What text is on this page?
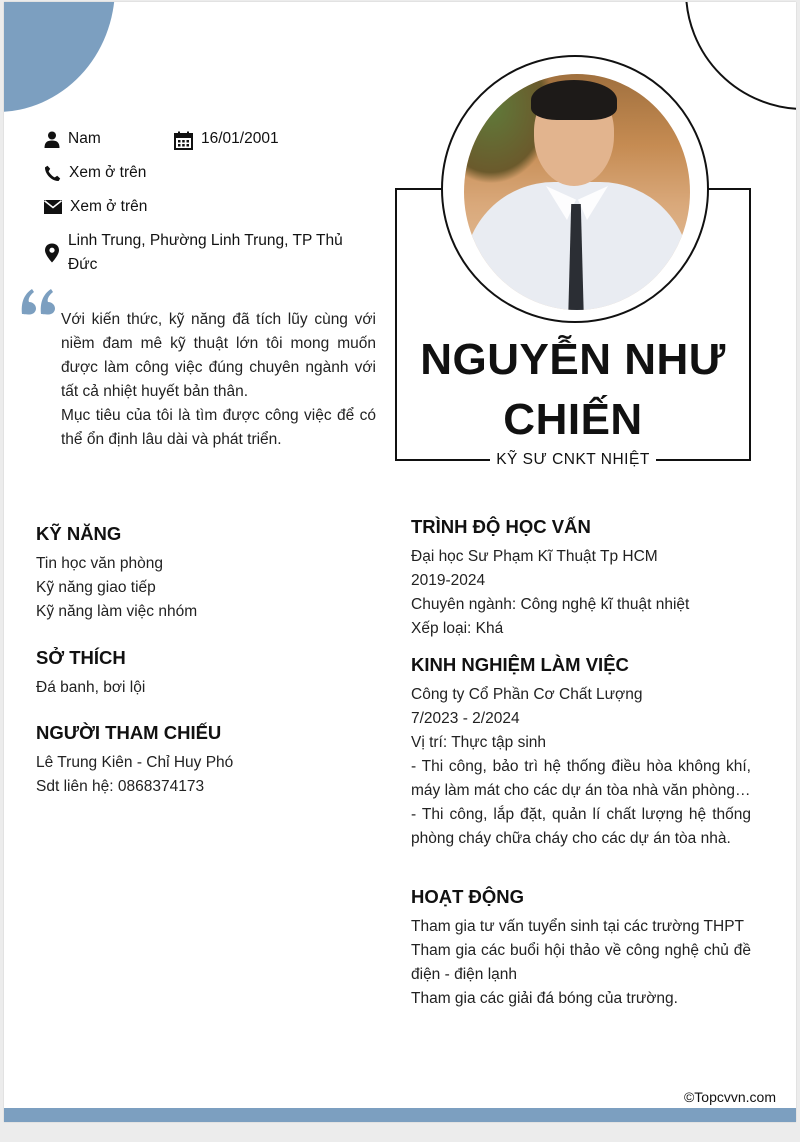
Nam	16/01/2001
Xem ở trên
Xem ở trên
Linh Trung, Phường Linh Trung, TP Thủ Đức

Với kiến thức, kỹ năng đã tích lũy cùng với niềm đam mê kỹ thuật lớn tôi mong muốn được làm công việc đúng chuyên ngành với tất cả nhiệt huyết bản thân.

Mục tiêu của tôi là tìm được công việc để có thể ổn định lâu dài và phát triển.

NGUYỄN NHƯ CHIẾN
KỸ SƯ CNKT NHIỆT
KỸ NĂNG
Tin học văn phòng
Kỹ năng giao tiếp
Kỹ năng làm việc nhóm
SỞ THÍCH
Đá banh, bơi lội
NGƯỜI THAM CHIẾU
Lê Trung Kiên - Chỉ Huy Phó
Sdt liên hệ: 0868374173
TRÌNH ĐỘ HỌC VẤN
Đại học Sư Phạm Kĩ Thuật Tp HCM
2019-2024
Chuyên ngành: Công nghệ kĩ thuật nhiệt
Xếp loại: Khá
KINH NGHIỆM LÀM VIỆC
Công ty Cổ Phần Cơ Chất Lượng
7/2023 - 2/2024
Vị trí: Thực tập sinh
- Thi công, bảo trì hệ thống điều hòa không khí, máy làm mát cho các dự án tòa nhà văn phòng…
- Thi công, lắp đặt, quản lí chất lượng hệ thống phòng cháy chữa cháy cho các dự án tòa nhà.
HOẠT ĐỘNG
Tham gia tư vấn tuyển sinh tại các trường THPT
Tham gia các buổi hội thảo về công nghệ chủ đề điện - điện lạnh
Tham gia các giải đá bóng của trường.
©Topcvvn.com
